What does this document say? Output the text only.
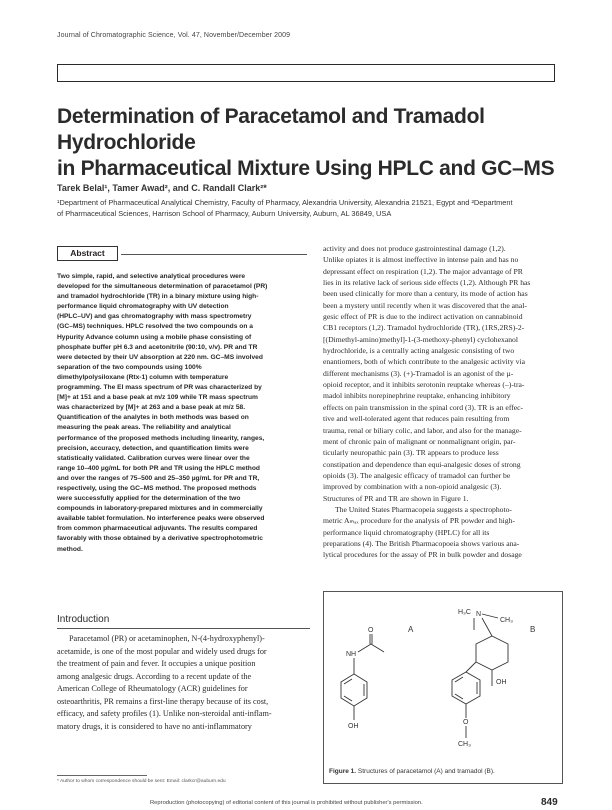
Journal of Chromatographic Science, Vol. 47, November/December 2009
Determination of Paracetamol and Tramadol Hydrochloride
in Pharmaceutical Mixture Using HPLC and GC–MS
Tarek Belal¹, Tamer Awad², and C. Randall Clark²*
¹Department of Pharmaceutical Analytical Chemistry, Faculty of Pharmacy, Alexandria University, Alexandria 21521, Egypt and ²Department
of Pharmaceutical Sciences, Harrison School of Pharmacy, Auburn University, Auburn, AL 36849, USA
Abstract
Two simple, rapid, and selective analytical procedures were
developed for the simultaneous determination of paracetamol (PR)
and tramadol hydrochloride (TR) in a binary mixture using high-
performance liquid chromatography with UV detection
(HPLC–UV) and gas chromatography with mass spectrometry
(GC–MS) techniques. HPLC resolved the two compounds on a
Hypurity Advance column using a mobile phase consisting of
phosphate buffer pH 6.3 and acetonitrile (90:10, v/v). PR and TR
were detected by their UV absorption at 220 nm. GC–MS involved
separation of the two compounds using 100%
dimethylpolysiloxane (Rtx-1) column with temperature
programming. The EI mass spectrum of PR was characterized by
[M]+ at 151 and a base peak at m/z 109 while TR mass spectrum
was characterized by [M]+ at 263 and a base peak at m/z 58.
Quantification of the analytes in both methods was based on
measuring the peak areas. The reliability and analytical
performance of the proposed methods including linearity, ranges,
precision, accuracy, detection, and quantification limits were
statistically validated. Calibration curves were linear over the
range 10–400 µg/mL for both PR and TR using the HPLC method
and over the ranges of 75–500 and 25–350 µg/mL for PR and TR,
respectively, using the GC–MS method. The proposed methods
were successfully applied for the determination of the two
compounds in laboratory-prepared mixtures and in commercially
available tablet formulation. No interference peaks were observed
from common pharmaceutical adjuvants. The results compared
favorably with those obtained by a derivative spectrophotometric
method.
Introduction
Paracetamol (PR) or acetaminophen, N-(4-hydroxyphenyl)-
acetamide, is one of the most popular and widely used drugs for
the treatment of pain and fever. It occupies a unique position
among analgesic drugs. According to a recent update of the
American College of Rheumatology (ACR) guidelines for
osteoarthritis, PR remains a first-line therapy because of its cost,
efficacy, and safety profiles (1). Unlike non-steroidal anti-inflam-
matory drugs, it is considered to have no anti-inflammatory
activity and does not produce gastrointestinal damage (1,2).
Unlike opiates it is almost ineffective in intense pain and has no
depressant effect on respiration (1,2). The major advantage of PR
lies in its relative lack of serious side effects (1,2). Although PR has
been used clinically for more than a century, its mode of action has
been a mystery until recently when it was discovered that the anal-
gesic effect of PR is due to the indirect activation on cannabinoid
CB1 receptors (1,2). Tramadol hydrochloride (TR), (1RS,2RS)-2-
[(Dimethyl-amino)methyl]-1-(3-methoxy-phenyl) cyclohexanol
hydrochloride, is a centrally acting analgesic consisting of two
enantiomers, both of which contribute to the analgesic activity via
different mechanisms (3). (+)-Tramadol is an agonist of the µ-
opioid receptor, and it inhibits serotonin reuptake whereas (–)-tra-
madol inhibits norepinephrine reuptake, enhancing inhibitory
effects on pain transmission in the spinal cord (3). TR is an effec-
tive and well-tolerated agent that reduces pain resulting from
trauma, renal or biliary colic, and labor, and also for the manage-
ment of chronic pain of malignant or nonmalignant origin, par-
ticularly neuropathic pain (3). TR appears to produce less
constipation and dependence than equi-analgesic doses of strong
opioids (3). The analgesic efficacy of tramadol can further be
improved by combination with a non-opioid analgesic (3).
Structures of PR and TR are shown in Figure 1.
The United States Pharmacopeia suggests a spectrophoto-
metric Aₘₐₓ procedure for the analysis of PR powder and high-
performance liquid chromatography (HPLC) for all its
preparations (4). The British Pharmacopoeia shows various ana-
lytical procedures for the assay of PR in bulk powder and dosage
A	B
O
NH
OH
H₃C N
CH₃
OH
O
CH₃
Figure 1. Structures of paracetamol (A) and tramadol (B).
* Author to whom correspondence should be sent: Email: clarkcr@auburn.edu
Reproduction (photocopying) of editorial content of this journal is prohibited without publisher's permission.	849
